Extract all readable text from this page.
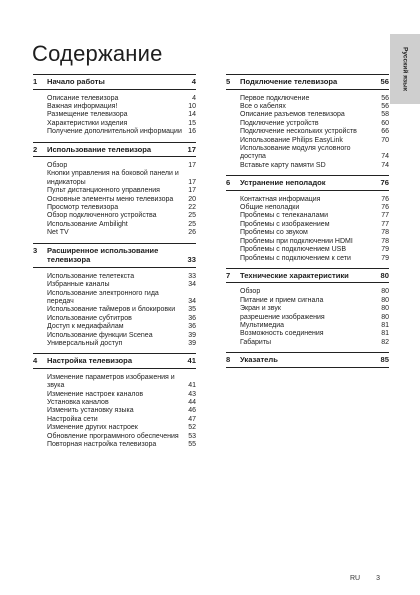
Содержание	Русский язык
1 Начало работы	4
Описание телевизора	4
Важная информация!	10
Размещение телевизора	14
Характеристики изделия	15
Получение дополнительной информации 16
2 Использование телевизора	17
Обзор	17
Кнопки управления на боковой панели и индикаторы	17
Пульт дистанционного управления	17
Основные элементы меню телевизора	20
Просмотр телевизора	22
Обзор подключенного устройства	25
Использование Ambilight	25
Net TV	26
3 Расширенное использование телевизора	33
Использование телетекста	33
Избранные каналы	34
Использование электронного гида передач	34
Использование таймеров и блокировки	35
Использование субтитров	36
Доступ к медиафайлам	36
Использование функции Scenea	39
Универсальный доступ	39
4 Настройка телевизора	41
Изменение параметров изображения и звука	41
Изменение настроек каналов	43
Установка каналов	44
Изменить установку языка	46
Настройка сети	47
Изменение других настроек	52
Обновление программного обеспечения	53
Повторная настройка телевизора	55
5 Подключение телевизора	56
Первое подключение	56
Все о кабелях	56
Описание разъемов телевизора	58
Подключение устройств	60
Подключение нескольких устройств	66
Использование Philips EasyLink	70
Использование модуля условного доступа	74
Вставьте карту памяти SD	74
6 Устранение неполадок	76
Контактная информация	76
Общие неполадки	76
Проблемы с телеканалами	77
Проблемы с изображением	77
Проблемы со звуком	78
Проблемы при подключении HDMI	78
Проблемы с подключением USB	79
Проблемы с подключением к сети	79
7 Технические характеристики	80
Обзор	80
Питание и прием сигнала	80
Экран и звук	80
разрешение изображения	80
Мультимедиа	81
Возможность соединения	81
Габариты	82
8 Указатель	85
RU 3
